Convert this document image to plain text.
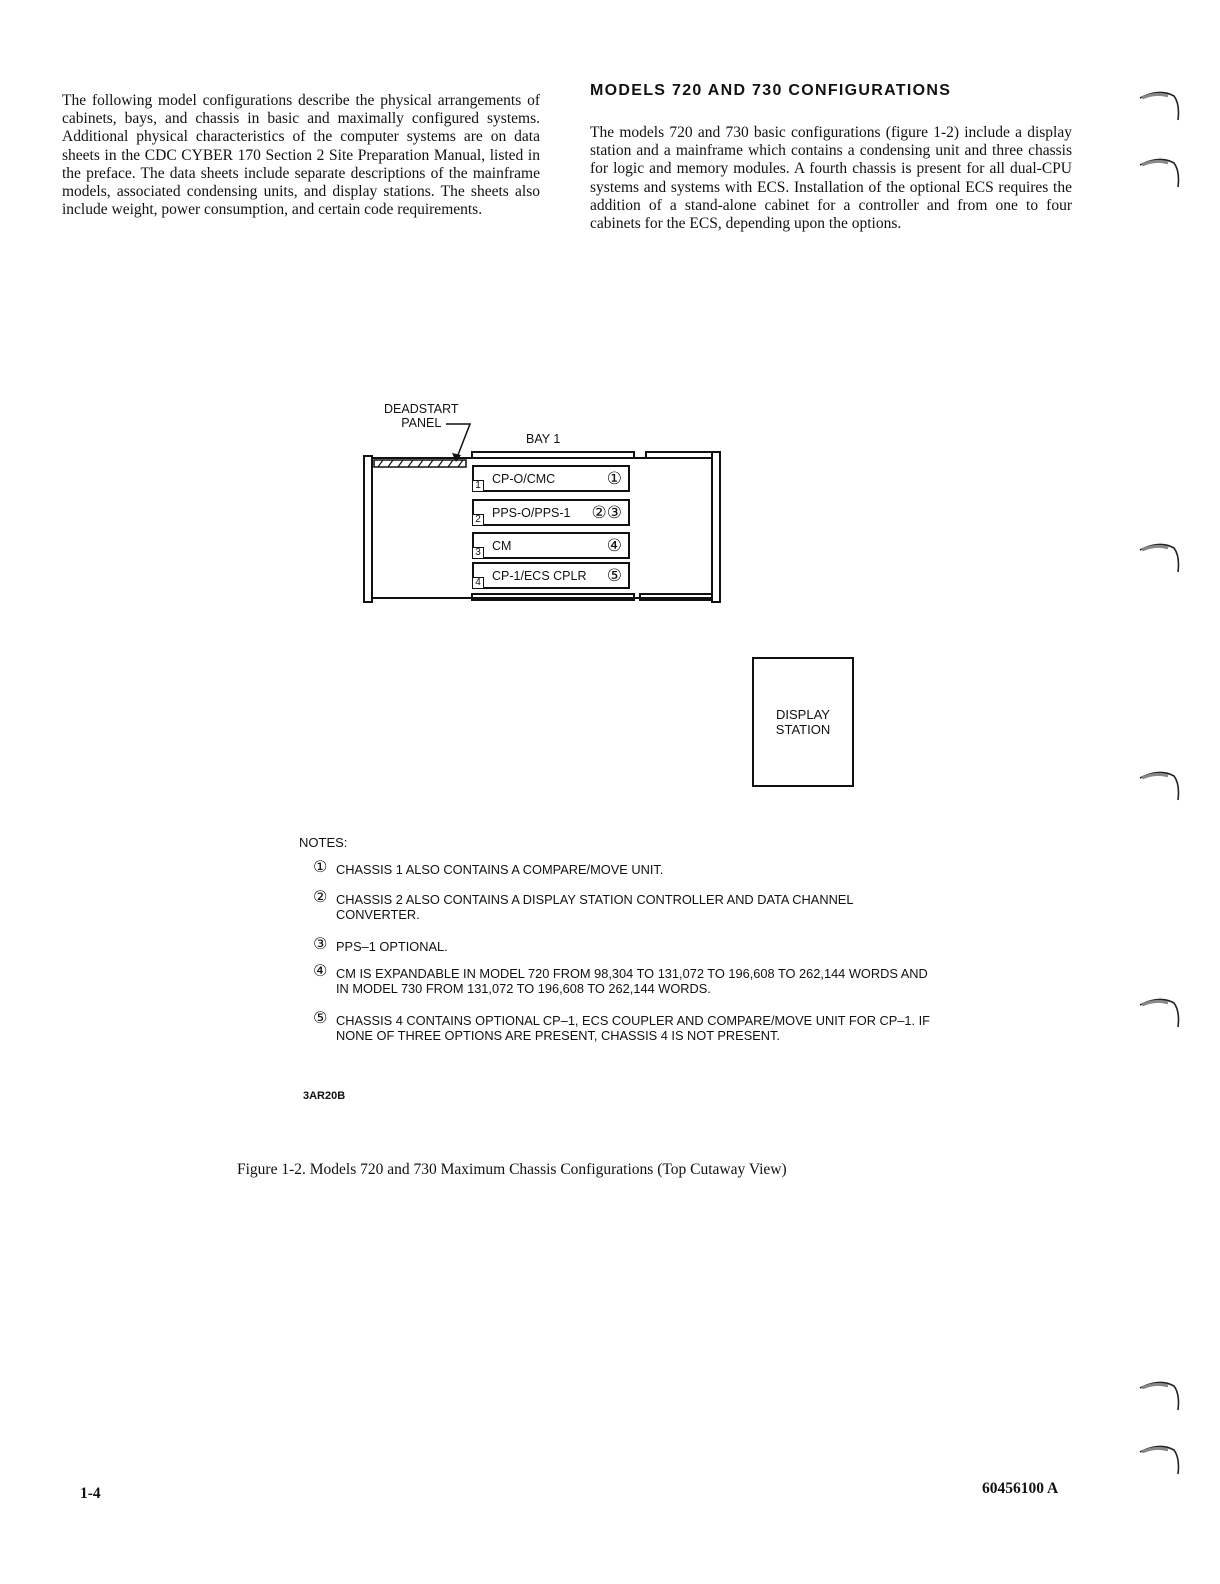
The following model configurations describe the physical arrangements of cabinets, bays, and chassis in basic and maximally configured systems. Additional physical characteristics of the computer systems are on data sheets in the CDC CYBER 170 Section 2 Site Preparation Manual, listed in the preface. The data sheets include separate descriptions of the mainframe models, associated condensing units, and display stations. The sheets also include weight, power consumption, and certain code requirements.

MODELS 720 AND 730 CONFIGURATIONS

The models 720 and 730 basic configurations (figure 1-2) include a display station and a mainframe which contains a condensing unit and three chassis for logic and memory modules. A fourth chassis is present for all dual-CPU systems and systems with ECS. Installation of the optional ECS requires the addition of a stand-alone cabinet for a controller and from one to four cabinets for the ECS, depending upon the options.

DEADSTART
PANEL
BAY 1
1 CP-O/CMC	①
2 PPS-O/PPS-1 ②③
3 CM	④
4 CP-1/ECS CPLR ⑤
DISPLAY
STATION

NOTES:

① CHASSIS 1 ALSO CONTAINS A COMPARE/MOVE UNIT.
② CHASSIS 2 ALSO CONTAINS A DISPLAY STATION CONTROLLER AND DATA CHANNEL CONVERTER.
③ PPS–1 OPTIONAL.
④ CM IS EXPANDABLE IN MODEL 720 FROM 98,304 TO 131,072 TO 196,608 TO 262,144 WORDS AND IN MODEL 730 FROM 131,072 TO 196,608 TO 262,144 WORDS.
⑤ CHASSIS 4 CONTAINS OPTIONAL CP–1, ECS COUPLER AND COMPARE/MOVE UNIT FOR CP–1. IF NONE OF THREE OPTIONS ARE PRESENT, CHASSIS 4 IS NOT PRESENT.
3AR20B

Figure 1-2. Models 720 and 730 Maximum Chassis Configurations (Top Cutaway View)

1-4	60456100 A
